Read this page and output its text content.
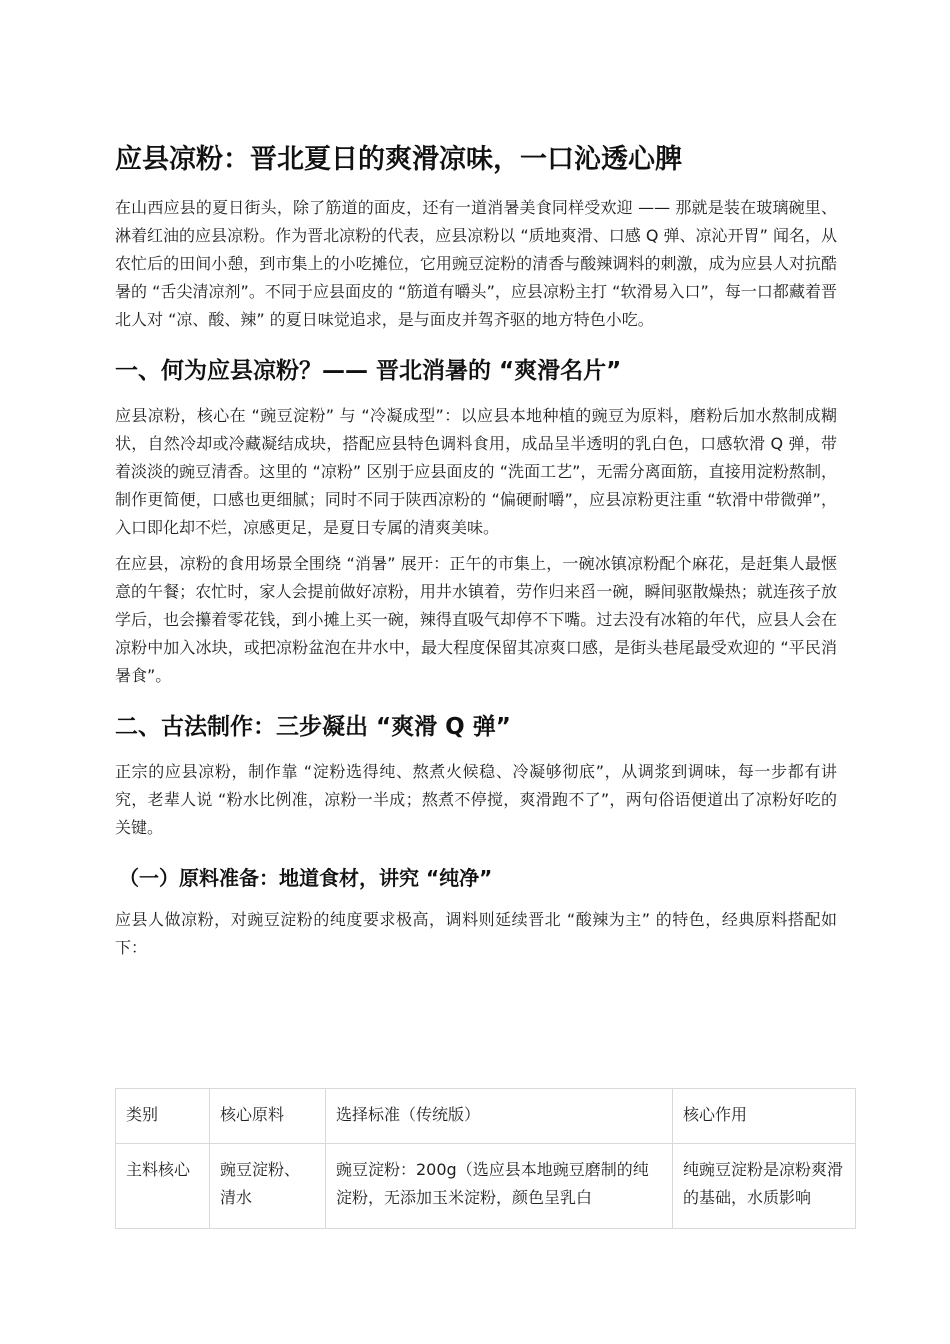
应县凉粉：晋北夏日的爽滑凉味，一口沁透心脾

在山西应县的夏日街头，除了筋道的面皮，还有一道消暑美食同样受欢迎 —— 那就是装在玻璃碗里、淋着红油的应县凉粉。作为晋北凉粉的代表，应县凉粉以 “质地爽滑、口感 Q 弹、凉沁开胃” 闻名，从农忙后的田间小憩，到市集上的小吃摊位，它用豌豆淀粉的清香与酸辣调料的刺激，成为应县人对抗酷暑的 “舌尖清凉剂”。不同于应县面皮的 “筋道有嚼头”，应县凉粉主打 “软滑易入口”，每一口都藏着晋北人对 “凉、酸、辣” 的夏日味觉追求，是与面皮并驾齐驱的地方特色小吃。

一、何为应县凉粉？—— 晋北消暑的 “爽滑名片”

应县凉粉，核心在 “豌豆淀粉” 与 “冷凝成型”：以应县本地种植的豌豆为原料，磨粉后加水熬制成糊状，自然冷却或冷藏凝结成块，搭配应县特色调料食用，成品呈半透明的乳白色，口感软滑 Q 弹，带着淡淡的豌豆清香。这里的 “凉粉” 区别于应县面皮的 “洗面工艺”，无需分离面筋，直接用淀粉熬制，制作更简便，口感也更细腻；同时不同于陕西凉粉的 “偏硬耐嚼”，应县凉粉更注重 “软滑中带微弹”，入口即化却不烂，凉感更足，是夏日专属的清爽美味。

在应县，凉粉的食用场景全围绕 “消暑” 展开：正午的市集上，一碗冰镇凉粉配个麻花，是赶集人最惬意的午餐；农忙时，家人会提前做好凉粉，用井水镇着，劳作归来舀一碗，瞬间驱散燥热；就连孩子放学后，也会攥着零花钱，到小摊上买一碗，辣得直吸气却停不下嘴。过去没有冰箱的年代，应县人会在凉粉中加入冰块，或把凉粉盆泡在井水中，最大程度保留其凉爽口感，是街头巷尾最受欢迎的 “平民消暑食”。

二、古法制作：三步凝出 “爽滑 Q 弹”

正宗的应县凉粉，制作靠 “淀粉选得纯、熬煮火候稳、冷凝够彻底”，从调浆到调味，每一步都有讲究，老辈人说 “粉水比例准，凉粉一半成；熬煮不停搅，爽滑跑不了”，两句俗语便道出了凉粉好吃的关键。

（一）原料准备：地道食材，讲究 “纯净”

应县人做凉粉，对豌豆淀粉的纯度要求极高，调料则延续晋北 “酸辣为主” 的特色，经典原料搭配如下：

类别	核心原料	选择标准（传统版）	核心作用
主料核心	豌豆淀粉、清水	豌豆淀粉：200g（选应县本地豌豆磨制的纯淀粉，无添加玉米淀粉，颜色呈乳白	纯豌豆淀粉是凉粉爽滑的基础，水质影响
